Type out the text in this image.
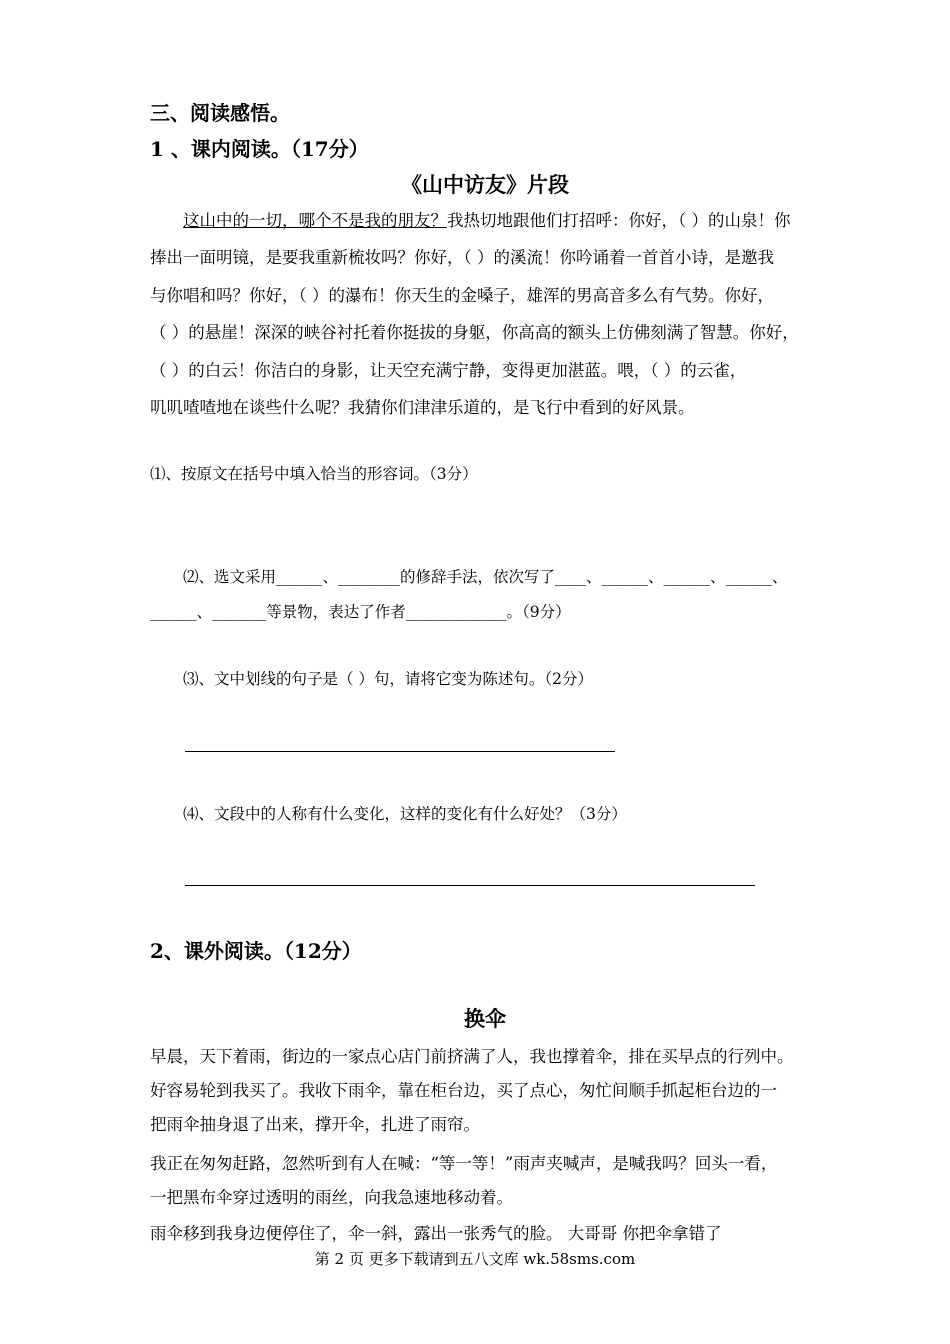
三、阅读感悟。
1 、课内阅读。（17分）
《山中访友》片段
这山中的一切，哪个不是我的朋友？我热切地跟他们打招呼：你好，（ ）的山泉！你
捧出一面明镜，是要我重新梳妆吗？你好，（ ）的溪流！你吟诵着一首首小诗，是邀我
与你唱和吗？你好，（ ）的瀑布！你天生的金嗓子，雄浑的男高音多么有气势。你好，
（ ）的悬崖！深深的峡谷衬托着你挺拔的身躯，你高高的额头上仿佛刻满了智慧。你好，
（ ）的白云！你洁白的身影，让天空充满宁静，变得更加湛蓝。喂，（ ）的云雀，
叽叽喳喳地在谈些什么呢？我猜你们津津乐道的，是飞行中看到的好风景。
⑴、按原文在括号中填入恰当的形容词。（3分）
⑵、选文采用______、________的修辞手法，依次写了____、______、______、______、
______、_______等景物，表达了作者_____________。（9分）
⑶、文中划线的句子是（ ）句，请将它变为陈述句。（2分）
⑷、文段中的人称有什么变化，这样的变化有什么好处？（3分）
2、课外阅读。（12分）
换伞
早晨，天下着雨，街边的一家点心店门前挤满了人，我也撑着伞，排在买早点的行列中。
好容易轮到我买了。我收下雨伞，靠在柜台边，买了点心，匆忙间顺手抓起柜台边的一
把雨伞抽身退了出来，撑开伞，扎进了雨帘。
我正在匆匆赶路，忽然听到有人在喊：“等一等！”雨声夹喊声，是喊我吗？回头一看，
一把黑布伞穿过透明的雨丝，向我急速地移动着。
雨伞移到我身边便停住了，伞一斜，露出一张秀气的脸。 大哥哥 你把伞拿错了
第 2 页 更多下载请到五八文库 wk.58sms.com
